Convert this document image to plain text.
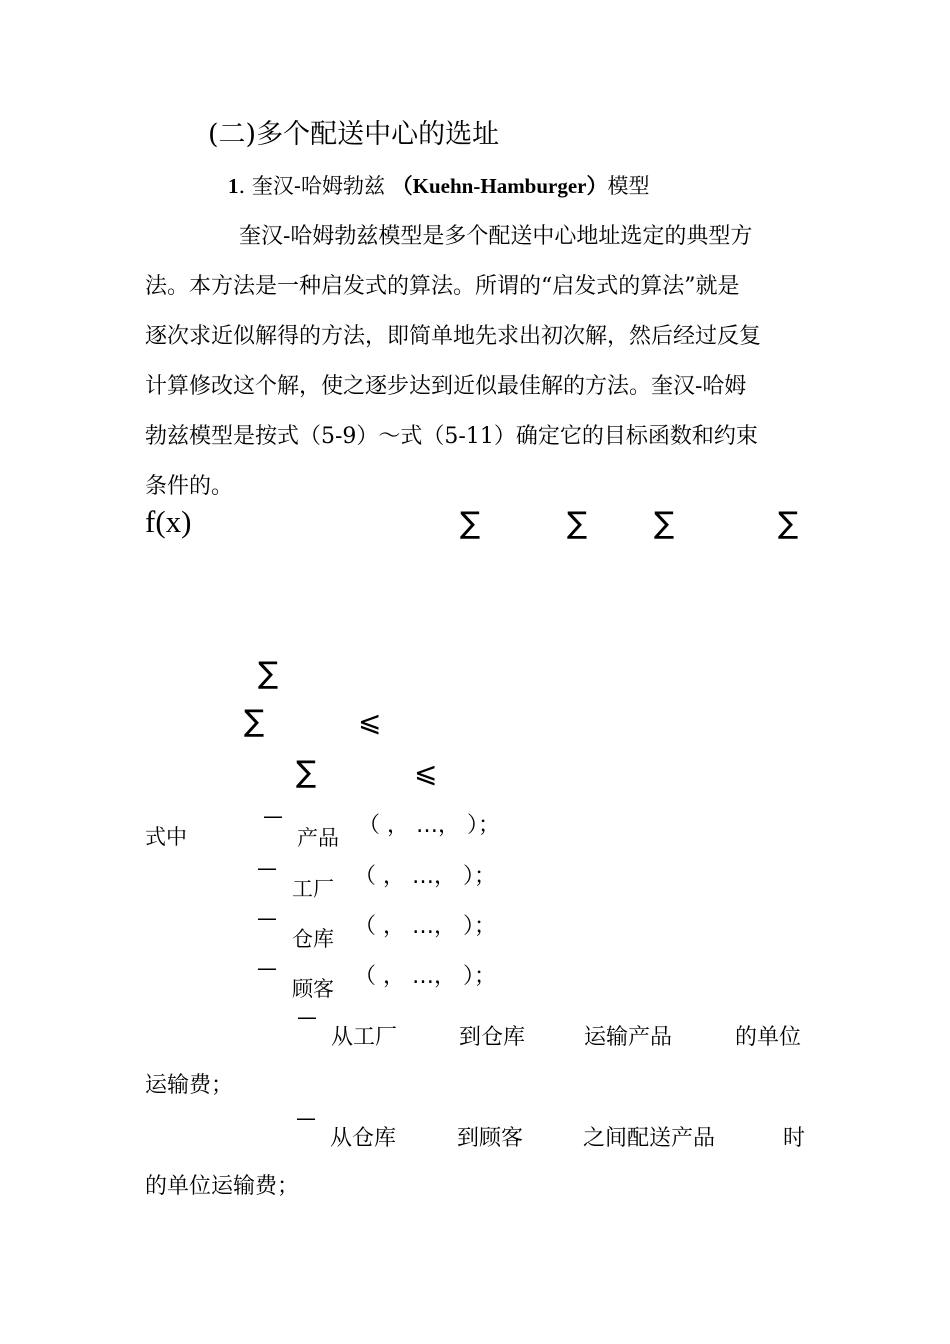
(二)多个配送中心的选址
1. 奎汉-哈姆勃兹 （Kuehn-Hamburger）模型
奎汉-哈姆勃兹模型是多个配送中心地址选定的典型方
法。本方法是一种启发式的算法。所谓的“启发式的算法”就是
逐次求近似解得的方法，即简单地先求出初次解，然后经过反复
计算修改这个解，使之逐步达到近似最佳解的方法。奎汉-哈姆
勃兹模型是按式（5-9）～式（5-11）确定它的目标函数和约束
条件的。
f(x)	∑	∑ ∑	∑
∑
∑	⩽
∑	⩽
式中
—
产品 （ ， …， ）；
—
工厂 （ ， …， ）；
—
仓库 （ ， …， ）；
—
顾客 （ ， …， ）；
—
从工厂	到仓库	运输产品	的单位
运输费；
—
从仓库	到顾客	之间配送产品	时
的单位运输费；
